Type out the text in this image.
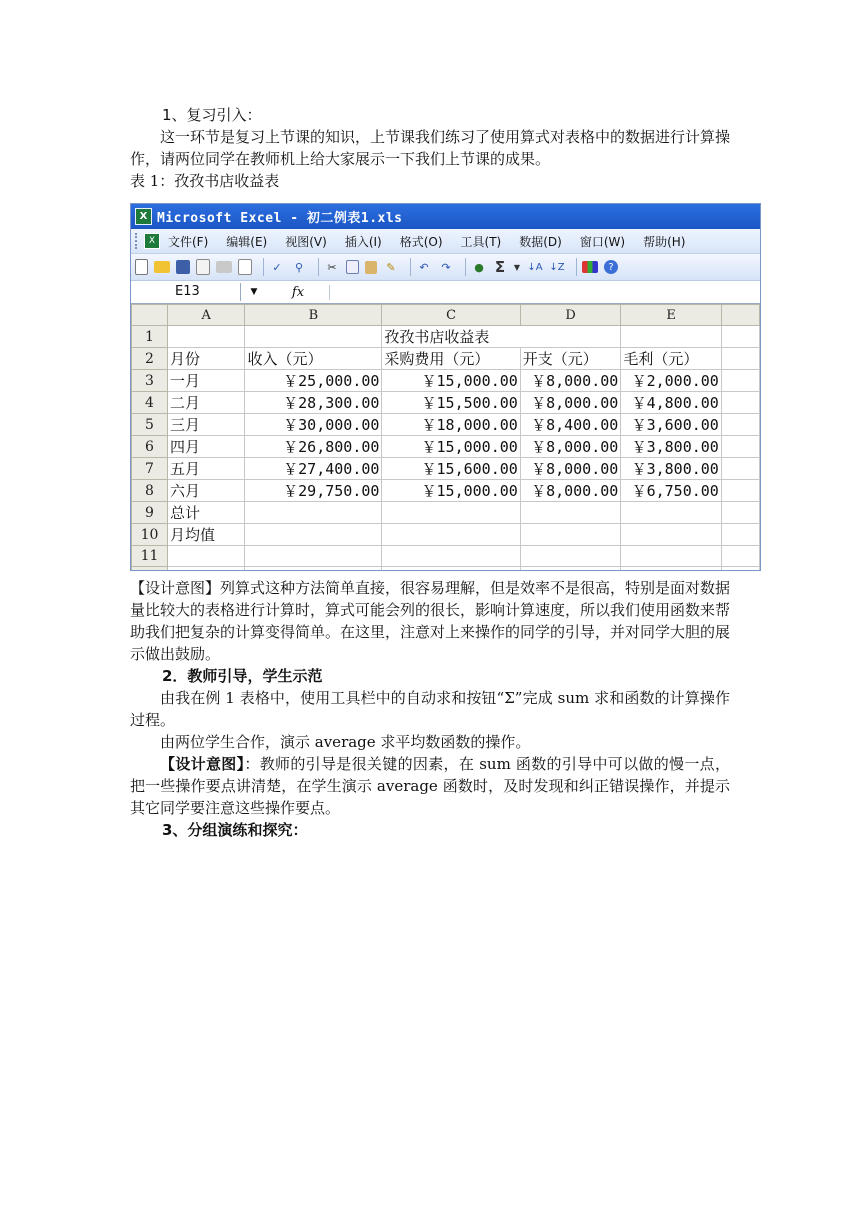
1、复习引入：

这一环节是复习上节课的知识，上节课我们练习了使用算式对表格中的数据进行计算操作，请两位同学在教师机上给大家展示一下我们上节课的成果。

表 1：孜孜书店收益表

X Microsoft Excel - 初二例表1.xls
X	文件(F) 编辑(E) 视图(V) 插入(I) 格式(O) 工具(T) 数据(D) 窗口(W) 帮助(H)
✓	⚲	✂	✎	↶	↷	● Σ ▼ ↓A ↓Z	?
E13	▼	fx
	A	B	C	D	E	
1			孜孜书店收益表			
2	月份	收入（元）	采购费用（元）	开支（元）	毛利（元）	
3	一月	￥25,000.00	￥15,000.00	￥8,000.00	￥2,000.00	
4	二月	￥28,300.00	￥15,500.00	￥8,000.00	￥4,800.00	
5	三月	￥30,000.00	￥18,000.00	￥8,400.00	￥3,600.00	
6	四月	￥26,800.00	￥15,000.00	￥8,000.00	￥3,800.00	
7	五月	￥27,400.00	￥15,600.00	￥8,000.00	￥3,800.00	
8	六月	￥29,750.00	￥15,000.00	￥8,000.00	￥6,750.00	
9	总计					
10	月均值					
11						

【设计意图】列算式这种方法简单直接，很容易理解，但是效率不是很高，特别是面对数据量比较大的表格进行计算时，算式可能会列的很长，影响计算速度，所以我们使用函数来帮助我们把复杂的计算变得简单。在这里，注意对上来操作的同学的引导，并对同学大胆的展示做出鼓励。

2．教师引导，学生示范

由我在例 1 表格中，使用工具栏中的自动求和按钮“Σ”完成 sum 求和函数的计算操作过程。

由两位学生合作，演示 average 求平均数函数的操作。

【设计意图】：教师的引导是很关键的因素，在 sum 函数的引导中可以做的慢一点，把一些操作要点讲清楚，在学生演示 average 函数时，及时发现和纠正错误操作，并提示其它同学要注意这些操作要点。

3、分组演练和探究：
